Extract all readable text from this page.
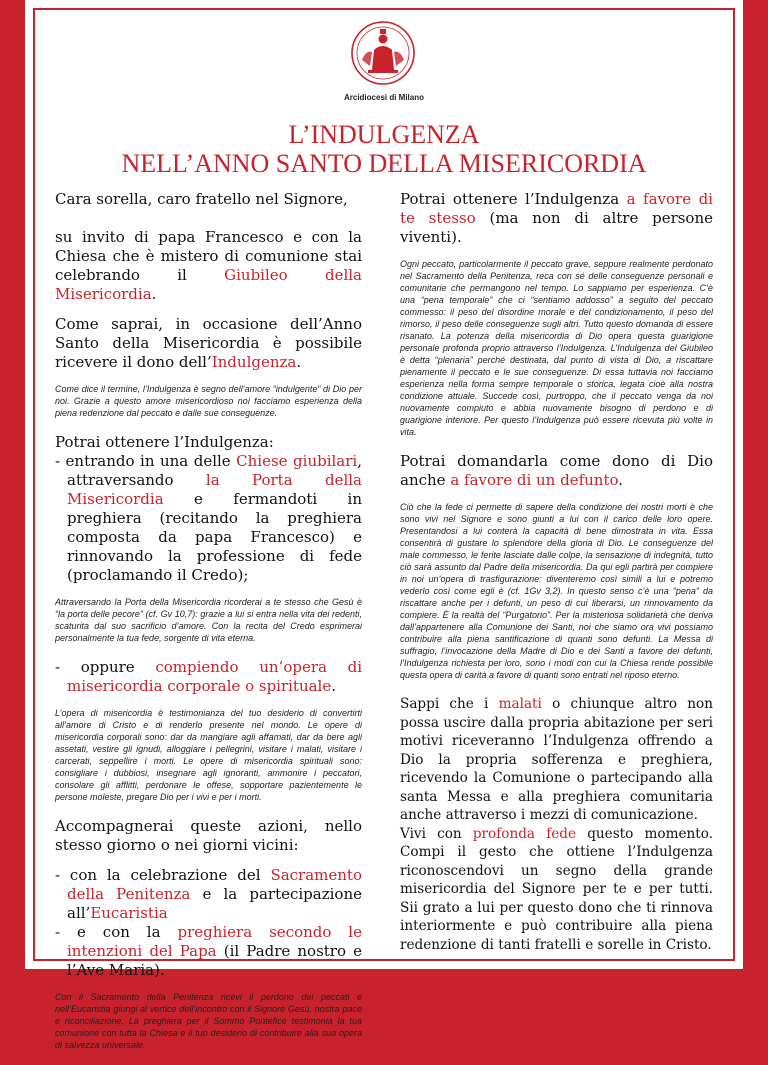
Arcidiocesi di Milano
L’INDULGENZA
NELL’ANNO SANTO DELLA MISERICORDIA

Cara sorella, caro fratello nel Signore,

su invito di papa Francesco e con la Chiesa che è mistero di comunione stai celebrando il Giubileo della Misericordia.

Come saprai, in occasione dell’Anno Santo della Misericordia è possibile ricevere il dono dell’Indulgenza.

Come dice il termine, l’Indulgenza è segno dell’amore “indulgente” di Dio per noi. Grazie a questo amore misericordioso noi facciamo esperienza della piena redenzione dal peccato e dalle sue conseguenze.

Potrai ottenere l’Indulgenza:

- entrando in una delle Chiese giubilari, attraversando la Porta della Misericordia e fermandoti in preghiera (recitando la preghiera composta da papa Francesco) e rinnovando la professione di fede (proclamando il Credo);

Attraversando la Porta della Misericordia ricorderai a te stesso che Gesù è “la porta delle pecore” (cf. Gv 10,7): grazie a lui si entra nella vita dei redenti, scaturita dal suo sacrificio d’amore. Con la recita del Credo esprimerai personalmente la tua fede, sorgente di vita eterna.

- oppure compiendo un’opera di misericordia corporale o spirituale.

L’opera di misericordia è testimonianza del tuo desiderio di convertirti all’amore di Cristo e di renderlo presente nel mondo. Le opere di misericordia corporali sono: dar da mangiare agli affamati, dar da bere agli assetati, vestire gli ignudi, alloggiare i pellegrini, visitare i malati, visitare i carcerati, seppellire i morti. Le opere di misericordia spirituali sono: consigliare i dubbiosi, insegnare agli ignoranti, ammonire i peccatori, consolare gli afflitti, perdonare le offese, sopportare pazientemente le persone moleste, pregare Dio per i vivi e per i morti.

Accompagnerai queste azioni, nello stesso giorno o nei giorni vicini:

- con la celebrazione del Sacramento della Penitenza e la partecipazione all’Eucaristia

- e con la preghiera secondo le intenzioni del Papa (il Padre nostro e l’Ave Maria).

Con il Sacramento della Penitenza ricevi il perdono dei peccati e nell’Eucaristia giungi al vertice dell’incontro con il Signore Gesù, nostra pace e riconciliazione. La preghiera per il Sommo Pontefice testimonia la tua comunione con tutta la Chiesa e il tuo desiderio di contribuire alla sua opera di salvezza universale.

Potrai ottenere l’Indulgenza a favore di te stesso (ma non di altre persone viventi).

Ogni peccato, particolarmente il peccato grave, seppure realmente perdonato nel Sacramento della Penitenza, reca con sé delle conseguenze personali e comunitarie che permangono nel tempo. Lo sappiamo per esperienza. C’è una “pena temporale” che ci “sentiamo addosso” a seguito del peccato commesso: il peso del disordine morale e del condizionamento, il peso del rimorso, il peso delle conseguenze sugli altri. Tutto questo domanda di essere risanato. La potenza della misericordia di Dio opera questa guarigione personale profonda proprio attraverso l’Indulgenza. L’Indulgenza del Giubileo è detta “plenaria” perché destinata, dal punto di vista di Dio, a riscattare pienamente il peccato e le sue conseguenze. Di essa tuttavia noi facciamo esperienza nella forma sempre temporale o storica, legata cioè alla nostra condizione attuale. Succede così, purtroppo, che il peccato venga da noi nuovamente compiuto e abbia nuovamente bisogno di perdono e di guarigione interiore. Per questo l’Indulgenza può essere ricevuta più volte in vita.

Potrai domandarla come dono di Dio anche a favore di un defunto.

Ciò che la fede ci permette di sapere della condizione dei nostri morti è che sono vivi nel Signore e sono giunti a lui con il carico delle loro opere. Presentandosi a lui conterà la capacità di bene dimostrata in vita. Essa consentirà di gustare lo splendore della gloria di Dio. Le conseguenze del male commesso, le ferite lasciate dalle colpe, la sensazione di indegnità, tutto ciò sarà assunto dal Padre della misericordia. Da qui egli partirà per compiere in noi un’opera di trasfigurazione: diventeremo così simili a lui e potremo vederlo così come egli è (cf. 1Gv 3,2). In questo senso c’è una “pena” da riscattare anche per i defunti, un peso di cui liberarsi, un rinnovamento da compiere. È la realtà del “Purgatorio”. Per la misteriosa solidarietà che deriva dall’appartenere alla Comunione dei Santi, noi che siamo ora vivi possiamo contribuire alla piena santificazione di quanti sono defunti. La Messa di suffragio, l’invocazione della Madre di Dio e dei Santi a favore dei defunti, l’Indulgenza richiesta per loro, sono i modi con cui la Chiesa rende possibile questa opera di carità a favore di quanti sono entrati nel riposo eterno.

Sappi che i malati o chiunque altro non possa uscire dalla propria abitazione per seri motivi riceveranno l’Indulgenza offrendo a Dio la propria sofferenza e preghiera, ricevendo la Comunione o partecipando alla santa Messa e alla preghiera comunitaria anche attraverso i mezzi di comunicazione.

Vivi con profonda fede questo momento. Compi il gesto che ottiene l’Indulgenza riconoscendovi un segno della grande misericordia del Signore per te e per tutti. Sii grato a lui per questo dono che ti rinnova interiormente e può contribuire alla piena redenzione di tanti fratelli e sorelle in Cristo.
